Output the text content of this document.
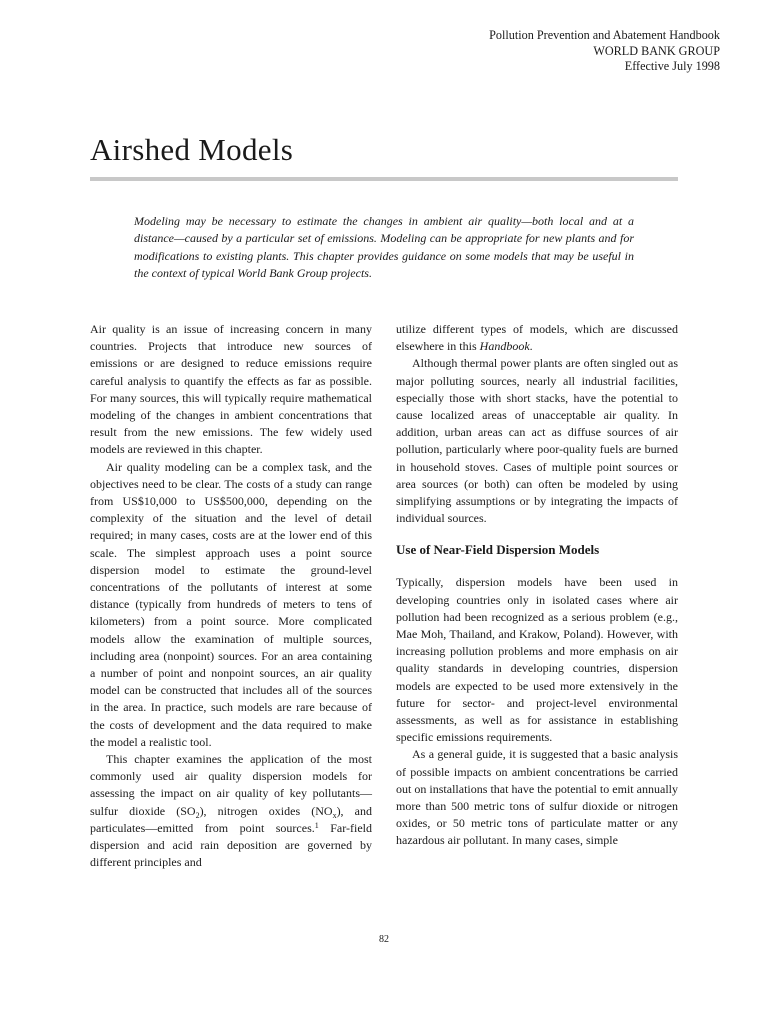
Pollution Prevention and Abatement Handbook
WORLD BANK GROUP
Effective July 1998
Airshed Models

Modeling may be necessary to estimate the changes in ambient air quality—both local and at a distance—caused by a particular set of emissions. Modeling can be appropriate for new plants and for modifications to existing plants. This chapter provides guidance on some models that may be useful in the context of typical World Bank Group projects.

Air quality is an issue of increasing concern in many countries. Projects that introduce new sources of emissions or are designed to reduce emissions require careful analysis to quantify the effects as far as possible. For many sources, this will typically require mathematical modeling of the changes in ambient concentrations that result from the new emissions. The few widely used models are reviewed in this chapter.

Air quality modeling can be a complex task, and the objectives need to be clear. The costs of a study can range from US$10,000 to US$500,000, depending on the complexity of the situation and the level of detail required; in many cases, costs are at the lower end of this scale. The simplest approach uses a point source dispersion model to estimate the ground-level concentrations of the pollutants of interest at some distance (typically from hundreds of meters to tens of kilometers) from a point source. More complicated models allow the examination of multiple sources, including area (nonpoint) sources. For an area containing a number of point and nonpoint sources, an air quality model can be constructed that includes all of the sources in the area. In practice, such models are rare because of the costs of development and the data required to make the model a realistic tool.

This chapter examines the application of the most commonly used air quality dispersion models for assessing the impact on air quality of key pollutants—sulfur dioxide $(SO_2)$, nitrogen oxides $(NO_x)$, and particulates—emitted from point sources.$^1$ Far-field dispersion and acid rain deposition are governed by different principles and

utilize different types of models, which are discussed elsewhere in this Handbook.

Although thermal power plants are often singled out as major polluting sources, nearly all industrial facilities, especially those with short stacks, have the potential to cause localized areas of unacceptable air quality. In addition, urban areas can act as diffuse sources of air pollution, particularly where poor-quality fuels are burned in household stoves. Cases of multiple point sources or area sources (or both) can often be modeled by using simplifying assumptions or by integrating the impacts of individual sources.

Use of Near-Field Dispersion Models

Typically, dispersion models have been used in developing countries only in isolated cases where air pollution had been recognized as a serious problem (e.g., Mae Moh, Thailand, and Krakow, Poland). However, with increasing pollution problems and more emphasis on air quality standards in developing countries, dispersion models are expected to be used more extensively in the future for sector- and project-level environmental assessments, as well as for assistance in establishing specific emissions requirements.

As a general guide, it is suggested that a basic analysis of possible impacts on ambient concentrations be carried out on installations that have the potential to emit annually more than 500 metric tons of sulfur dioxide or nitrogen oxides, or 50 metric tons of particulate matter or any hazardous air pollutant. In many cases, simple

82
